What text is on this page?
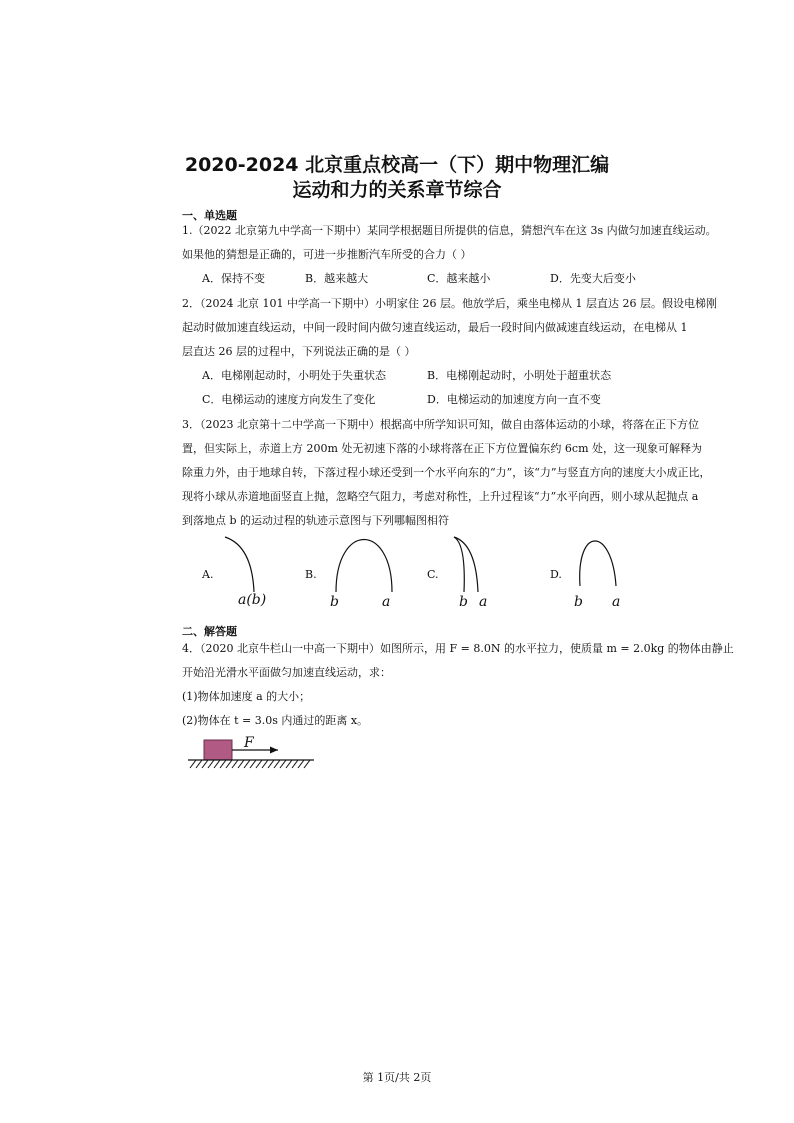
2020-2024 北京重点校高一（下）期中物理汇编
运动和力的关系章节综合
一、单选题
1.（2022 北京第九中学高一下期中）某同学根据题目所提供的信息，猜想汽车在这 3s 内做匀加速直线运动。
如果他的猜想是正确的，可进一步推断汽车所受的合力（ ）
A．保持不变	B．越来越大	C．越来越小	D．先变大后变小
2．（2024 北京 101 中学高一下期中）小明家住 26 层。他放学后，乘坐电梯从 1 层直达 26 层。假设电梯刚
起动时做加速直线运动，中间一段时间内做匀速直线运动，最后一段时间内做减速直线运动，在电梯从 1
层直达 26 层的过程中，下列说法正确的是（ ）
A．电梯刚起动时，小明处于失重状态	B．电梯刚起动时，小明处于超重状态
C．电梯运动的速度方向发生了变化	D．电梯运动的加速度方向一直不变
3．（2023 北京第十二中学高一下期中）根据高中所学知识可知，做自由落体运动的小球，将落在正下方位
置，但实际上，赤道上方 200m 处无初速下落的小球将落在正下方位置偏东约 6cm 处，这一现象可解释为
除重力外，由于地球自转，下落过程小球还受到一个水平向东的“力”，该“力”与竖直方向的速度大小成正比，
现将小球从赤道地面竖直上抛，忽略空气阻力，考虑对称性，上升过程该“力”水平向西，则小球从起抛点 a
到落地点 b 的运动过程的轨迹示意图与下列哪幅图相符
A.
a(b)
B.
b	a
C.
b a
D.
b a
二、解答题
4．（2020 北京牛栏山一中高一下期中）如图所示，用 F = 8.0N 的水平拉力，使质量 m = 2.0kg 的物体由静止
开始沿光滑水平面做匀加速直线运动，求：
(1)物体加速度 a 的大小；
(2)物体在 t = 3.0s 内通过的距离 x。
F
第 1页/共 2页
